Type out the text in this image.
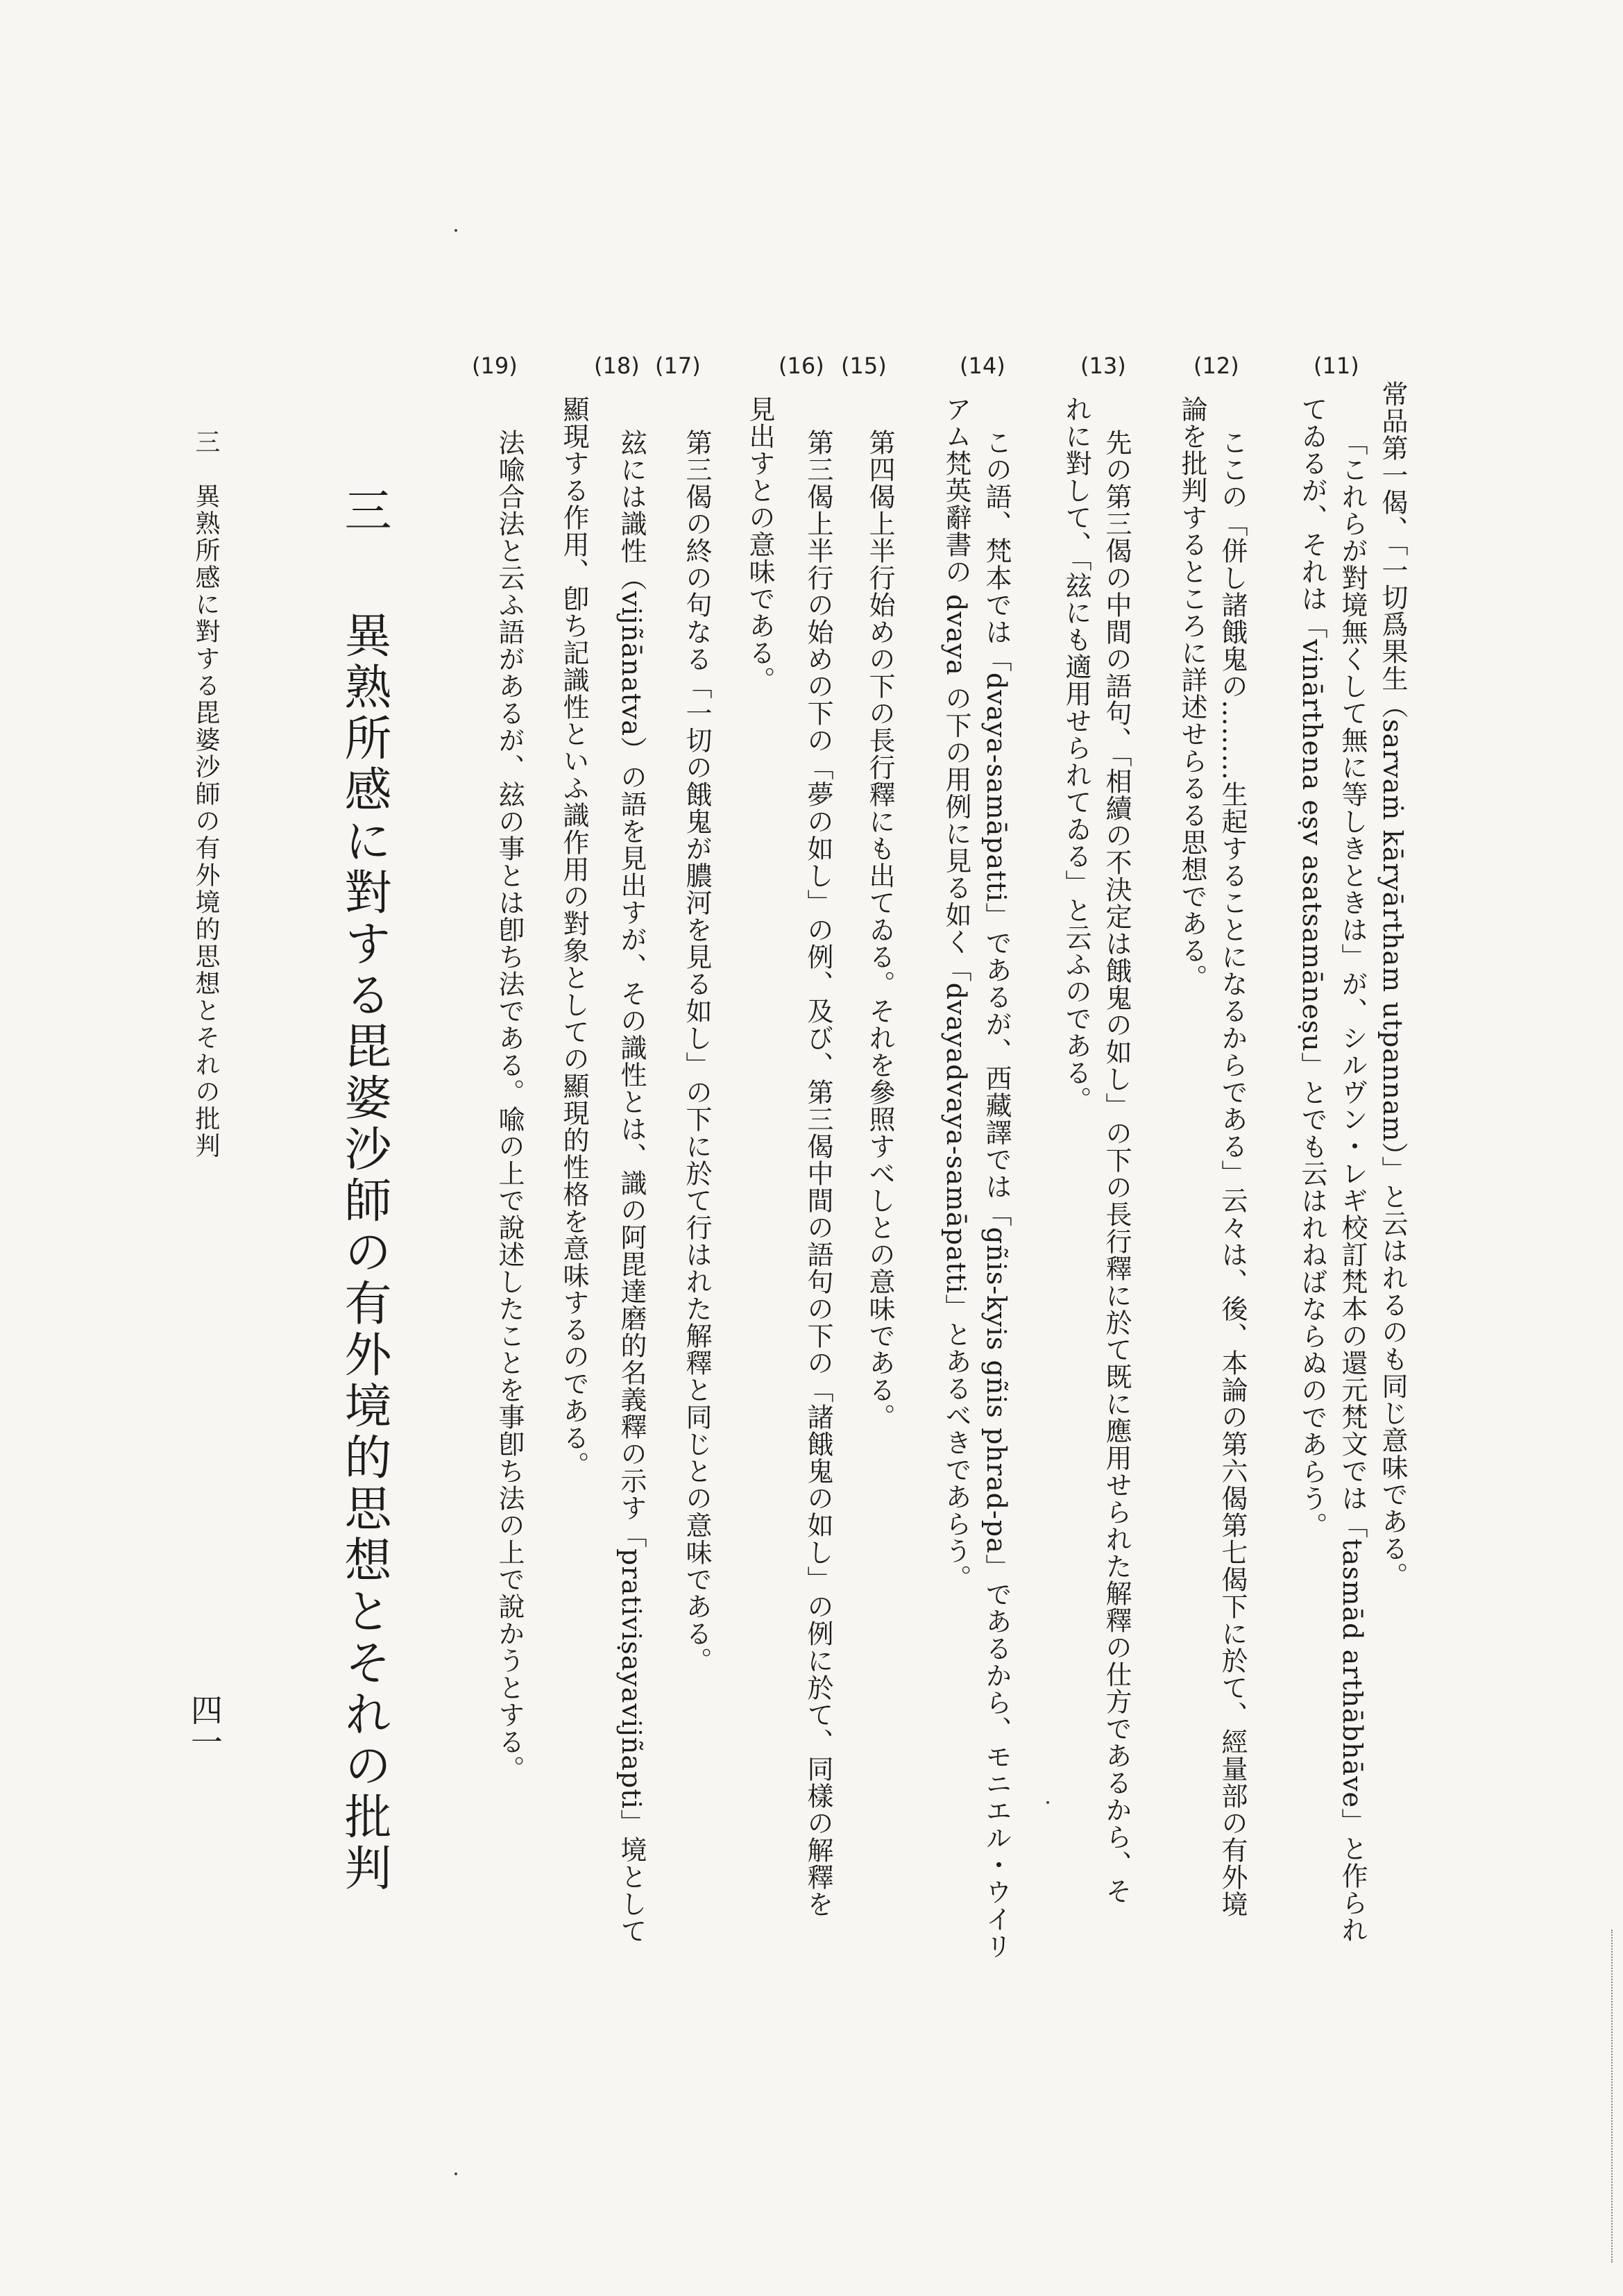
(11)
常品第一偈、「一切爲果生（sarvaṁ kāryārtham utpannam）」と云はれるのも同じ意味である。
「これらが對境無くして無に等しきときは」が、シルヴン・レギ校訂梵本の還元梵文では「tasmād arthābhāve」と作られ
てゐるが、それは「vinārthena eṣv asatsamāneṣu」とでも云はれねばならぬのであらう。
(12)
ここの「併し諸餓鬼の………生起することになるからである」云々は、後、本論の第六偈第七偈下に於て、經量部の有外境
論を批判するところに詳述せらるる思想である。
(13)
先の第三偈の中間の語句、「相續の不決定は餓鬼の如し」の下の長行釋に於て既に應用せられた解釋の仕方であるから、そ
れに對して、「玆にも適用せられてゐる」と云ふのである。
(14)
この語、梵本では「dvaya-samāpatti」であるが、西藏譯では「gñis-kyis gñis phrad-pa」であるから、モニエル・ウイリ
アム梵英辭書の dvaya の下の用例に見る如く「dvayadvaya-samāpatti」とあるべきであらう。
(15)
第四偈上半行始めの下の長行釋にも出てゐる。それを參照すべしとの意味である。
(16)
第三偈上半行の始めの下の「夢の如し」の例、及び、第三偈中間の語句の下の「諸餓鬼の如し」の例に於て、同樣の解釋を
見出すとの意味である。
(17)
第三偈の終の句なる「一切の餓鬼が膿河を見る如し」の下に於て行はれた解釋と同じとの意味である。
(18)
玆には識性（vijñānatva）の語を見出すが、その識性とは、識の阿毘達磨的名義釋の示す「prativiṣayavijñapti」境として
顯現する作用、卽ち記識性といふ識作用の對象としての顯現的性格を意味するのである。
三
異熟所感に對する毘婆沙師の有外境的思想とそれの批判
(19)
法喩合法と云ふ語があるが、玆の事とは卽ち法である。喩の上で說述したことを事卽ち法の上で說かうとする。
三　異熟所感に對する毘婆沙師の有外境的思想とそれの批判
四一
